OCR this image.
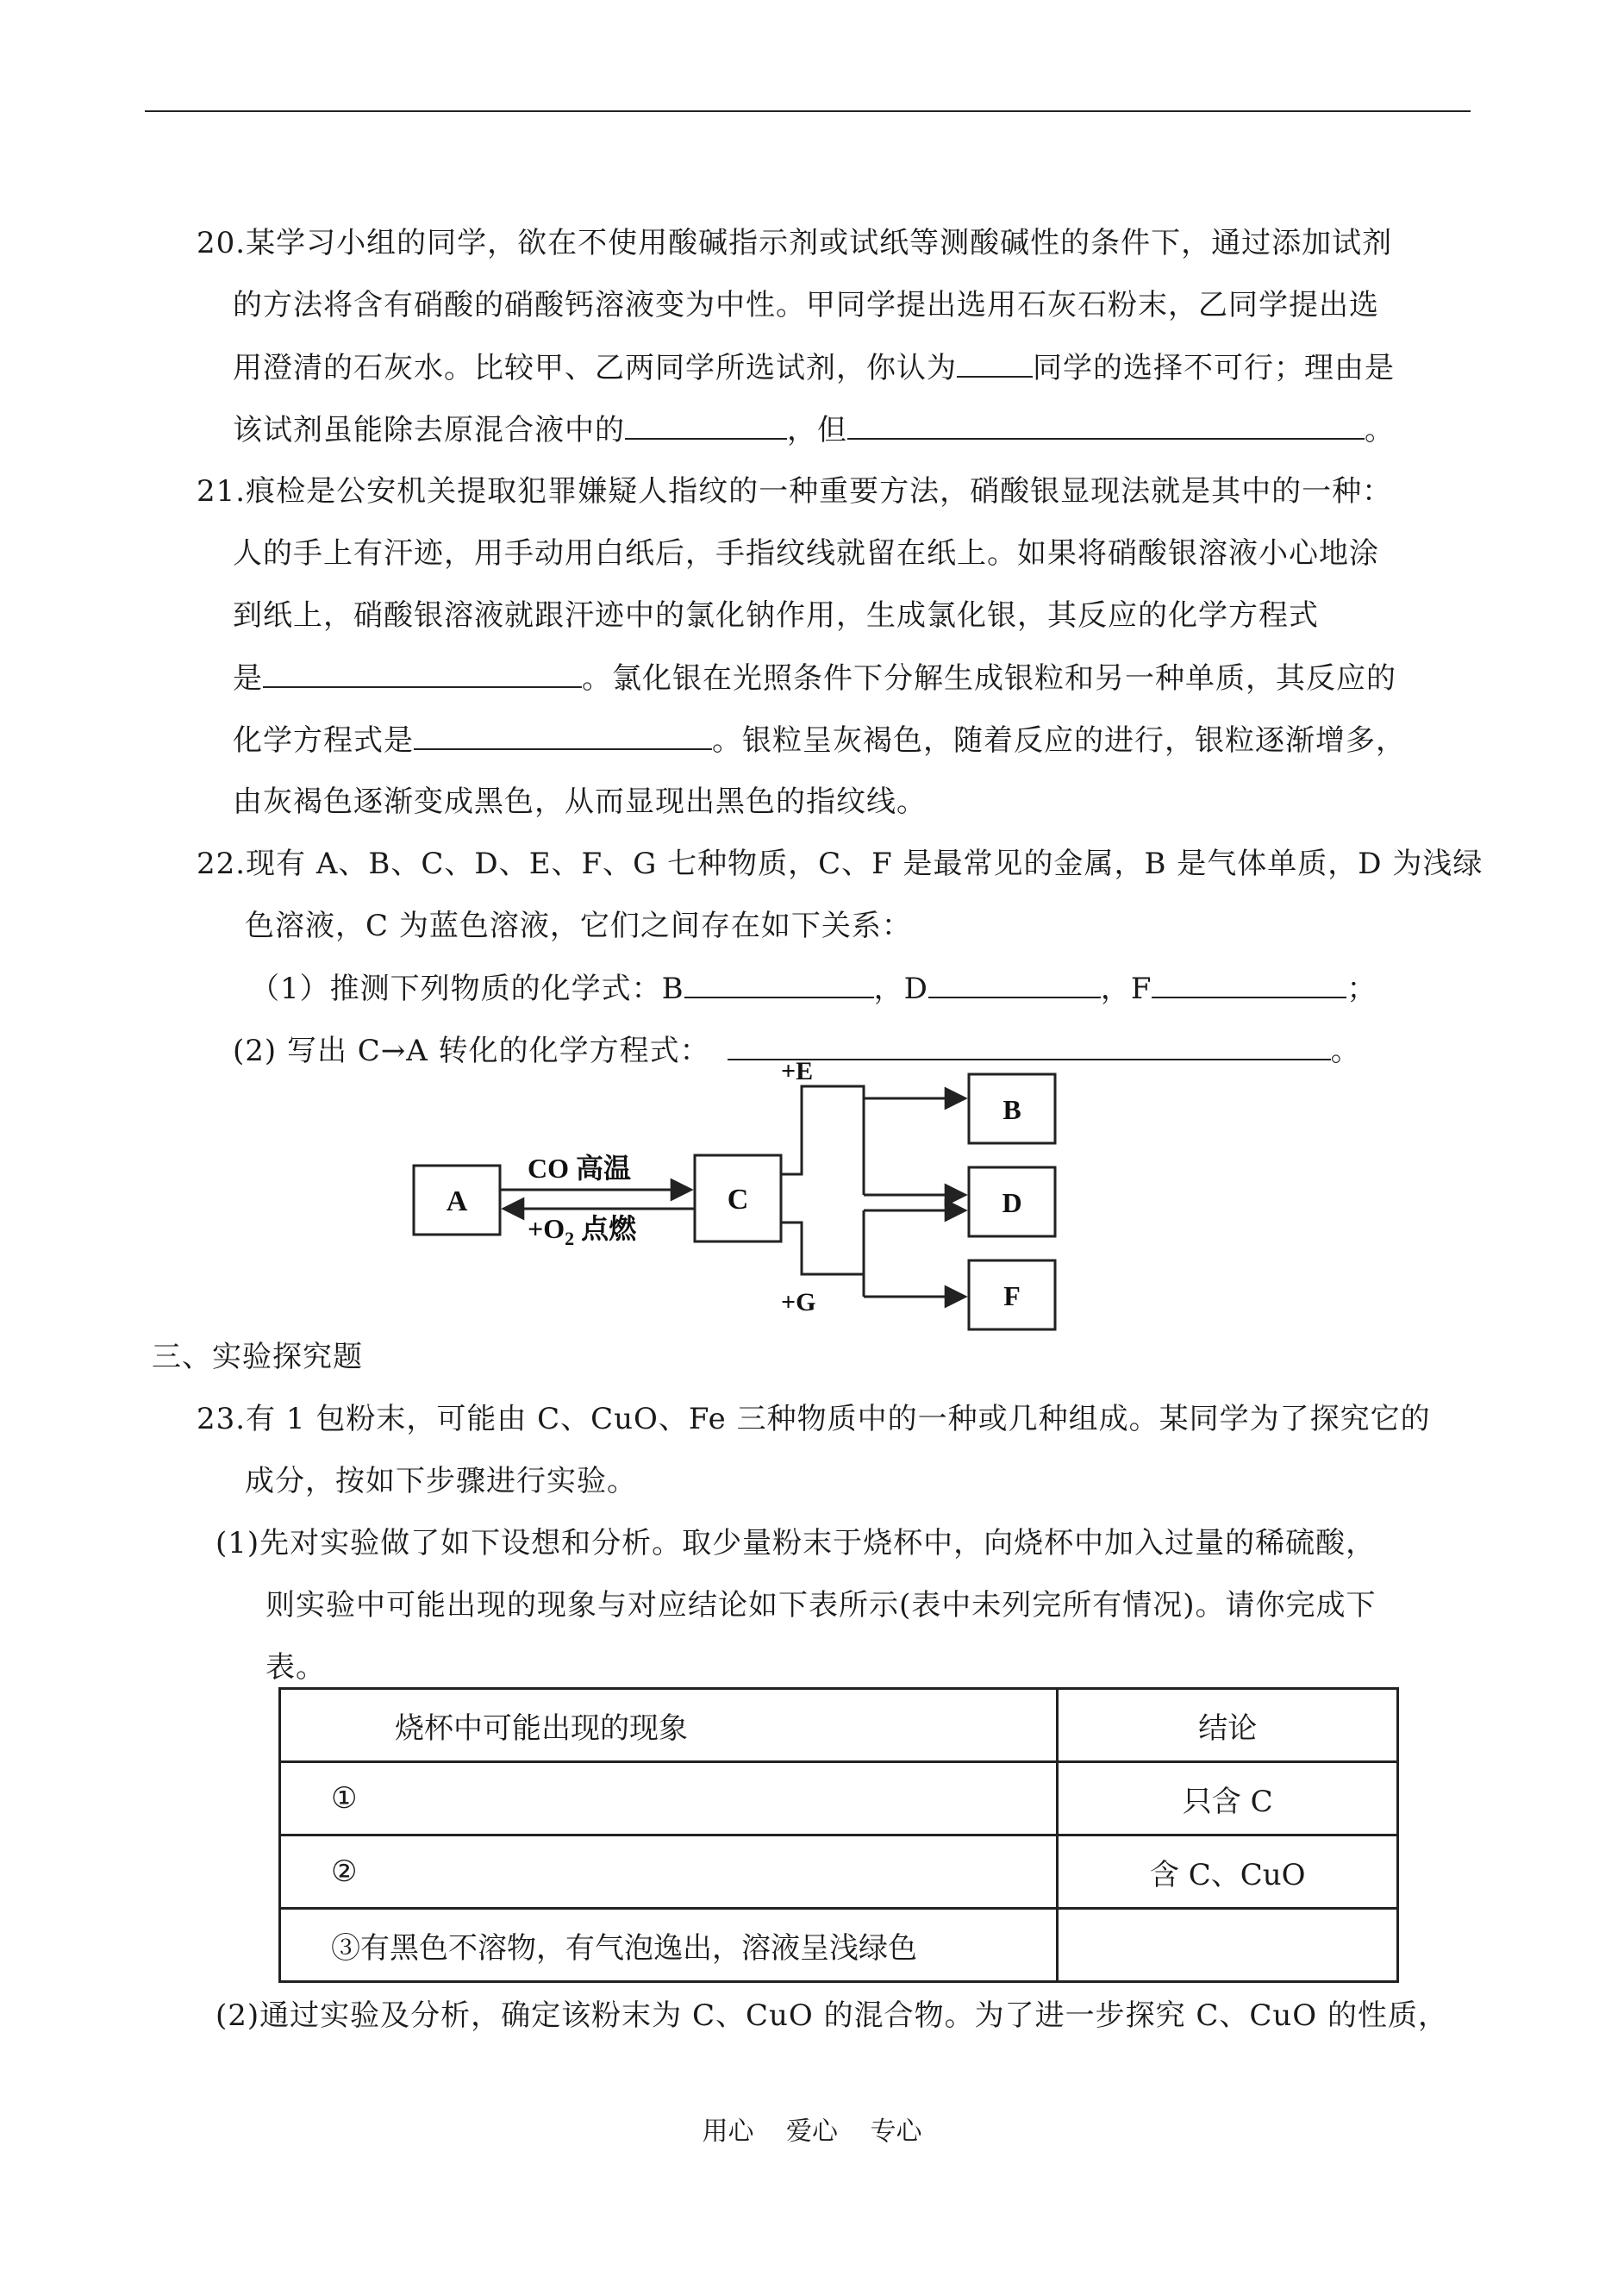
20.某学习小组的同学，欲在不使用酸碱指示剂或试纸等测酸碱性的条件下，通过添加试剂
的方法将含有硝酸的硝酸钙溶液变为中性。甲同学提出选用石灰石粉末，乙同学提出选
用澄清的石灰水。比较甲、乙两同学所选试剂，你认为	同学的选择不可行；理由是
该试剂虽能除去原混合液中的	，但	。
21.痕检是公安机关提取犯罪嫌疑人指纹的一种重要方法，硝酸银显现法就是其中的一种：
人的手上有汗迹，用手动用白纸后，手指纹线就留在纸上。如果将硝酸银溶液小心地涂
到纸上，硝酸银溶液就跟汗迹中的氯化钠作用，生成氯化银，其反应的化学方程式
是	。氯化银在光照条件下分解生成银粒和另一种单质，其反应的
化学方程式是	。银粒呈灰褐色，随着反应的进行，银粒逐渐增多，
由灰褐色逐渐变成黑色，从而显现出黑色的指纹线。
22.现有 A、B、C、D、E、F、G 七种物质，C、F 是最常见的金属，B 是气体单质，D 为浅绿
色溶液，C 为蓝色溶液，它们之间存在如下关系：
（1）推测下列物质的化学式：B	，D	，F	；
(2) 写出 C→A 转化的化学方程式：	。
A	C
B
D
F
CO 高温
$+O_2$ 点燃
+E
+G
三、实验探究题
23.有 1 包粉末，可能由 C、CuO、Fe 三种物质中的一种或几种组成。某同学为了探究它的
成分，按如下步骤进行实验。
(1)先对实验做了如下设想和分析。取少量粉末于烧杯中，向烧杯中加入过量的稀硫酸，
则实验中可能出现的现象与对应结论如下表所示(表中未列完所有情况)。请你完成下
表。
烧杯中可能出现的现象	结论
①	只含 C
②	含 C、CuO
③有黑色不溶物，有气泡逸出，溶液呈浅绿色	
(2)通过实验及分析，确定该粉末为 C、CuO 的混合物。为了进一步探究 C、CuO 的性质，
用心 爱心 专心
